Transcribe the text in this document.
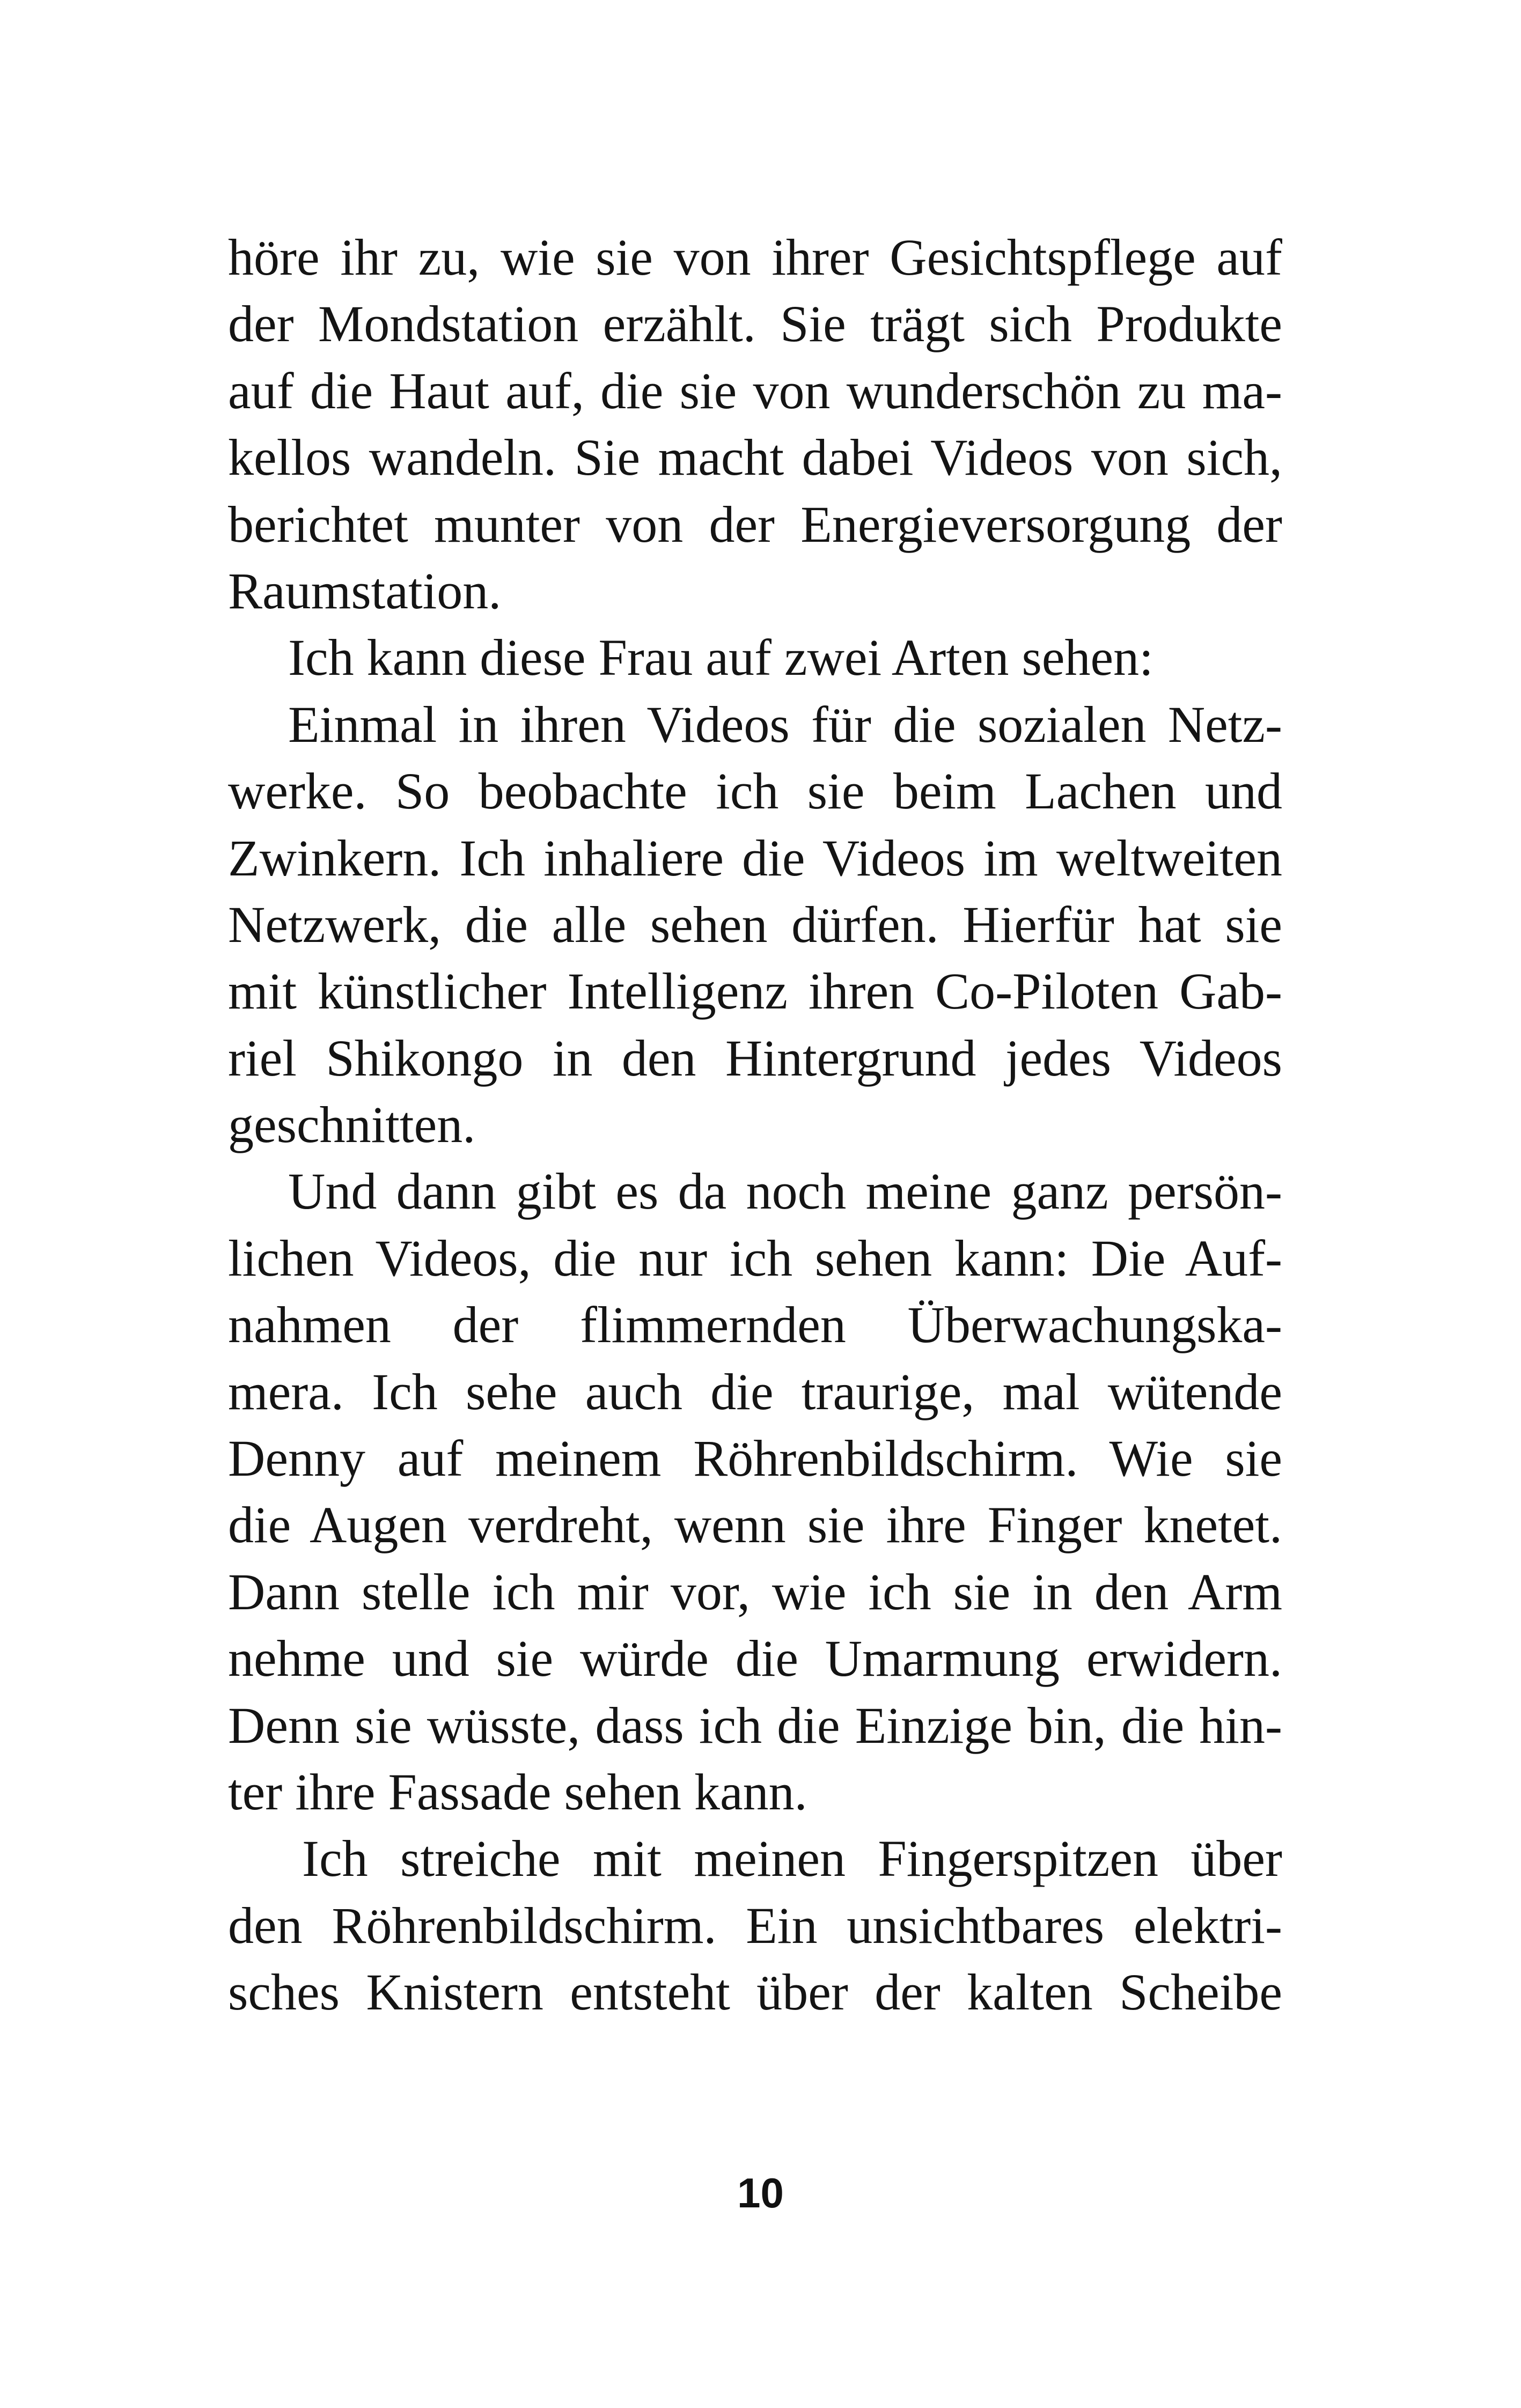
höre ihr zu, wie sie von ihrer Gesichtspflege auf
der Mondstation erzählt. Sie trägt sich Produkte
auf die Haut auf, die sie von wunderschön zu ma-
kellos wandeln. Sie macht dabei Videos von sich,
berichtet munter von der Energieversorgung der
Raumstation.
Ich kann diese Frau auf zwei Arten sehen:
Einmal in ihren Videos für die sozialen Netz-
werke. So beobachte ich sie beim Lachen und
Zwinkern. Ich inhaliere die Videos im weltweiten
Netzwerk, die alle sehen dürfen. Hierfür hat sie
mit künstlicher Intelligenz ihren Co-Piloten Gab-
riel Shikongo in den Hintergrund jedes Videos
geschnitten.
Und dann gibt es da noch meine ganz persön-
lichen Videos, die nur ich sehen kann: Die Auf-
nahmen der flimmernden Überwachungska-
mera. Ich sehe auch die traurige, mal wütende
Denny auf meinem Röhrenbildschirm. Wie sie
die Augen verdreht, wenn sie ihre Finger knetet.
Dann stelle ich mir vor, wie ich sie in den Arm
nehme und sie würde die Umarmung erwidern.
Denn sie wüsste, dass ich die Einzige bin, die hin-
ter ihre Fassade sehen kann.
Ich streiche mit meinen Fingerspitzen über
den Röhrenbildschirm. Ein unsichtbares elektri-
sches Knistern entsteht über der kalten Scheibe
10
